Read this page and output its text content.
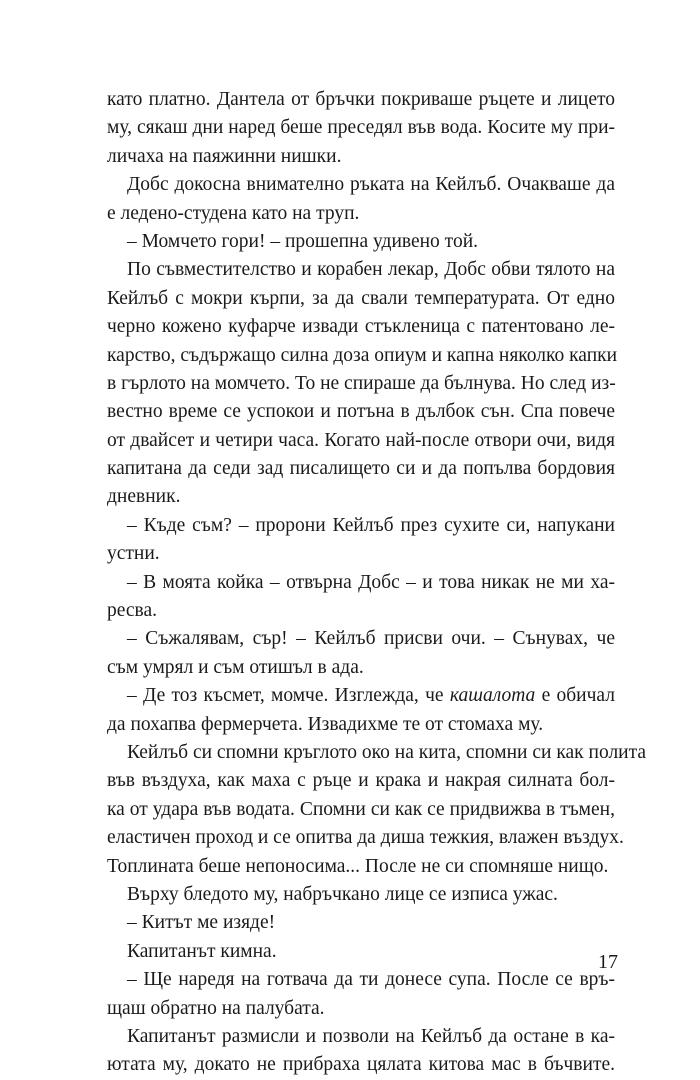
като платно. Дантела от бръчки покриваше ръцете и лицето
му, сякаш дни наред беше преседял във вода. Косите му при-
личаха на паяжинни нишки.
Добс докосна внимателно ръката на Кейлъб. Очакваше да
е ледено-студена като на труп.
– Момчето гори! – прошепна удивено той.
По съвместителство и корабен лекар, Добс обви тялото на
Кейлъб с мокри кърпи, за да свали температурата. От едно
черно кожено куфарче извади стъкленица с патентовано ле-
карство, съдържащо силна доза опиум и капна няколко капки
в гърлото на момчето. То не спираше да бълнува. Но след из-
вестно време се успокои и потъна в дълбок сън. Спа повече
от двайсет и четири часа. Когато най-после отвори очи, видя
капитана да седи зад писалището си и да попълва бордовия
дневник.
– Къде съм? – пророни Кейлъб през сухите си, напукани
устни.
– В моята койка – отвърна Добс – и това никак не ми ха-
ресва.
– Съжалявам, сър! – Кейлъб присви очи. – Сънувах, че
съм умрял и съм отишъл в ада.
– Де тоз късмет, момче. Изглежда, че кашалота е обичал
да похапва фермерчета. Извадихме те от стомаха му.
Кейлъб си спомни кръглото око на кита, спомни си как полита
във въздуха, как маха с ръце и крака и накрая силната бол-
ка от удара във водата. Спомни си как се придвижва в тъмен,
еластичен проход и се опитва да диша тежкия, влажен въздух.
Топлината беше непоносима... После не си спомняше нищо.
Върху бледото му, набръчкано лице се изписа ужас.
– Китът ме изяде!
Капитанът кимна.
– Ще наредя на готвача да ти донесе супа. После се връ-
щаш обратно на палубата.
Капитанът размисли и позволи на Кейлъб да остане в ка-
ютата му, докато не прибраха цялата китова мас в бъчвите.
17
